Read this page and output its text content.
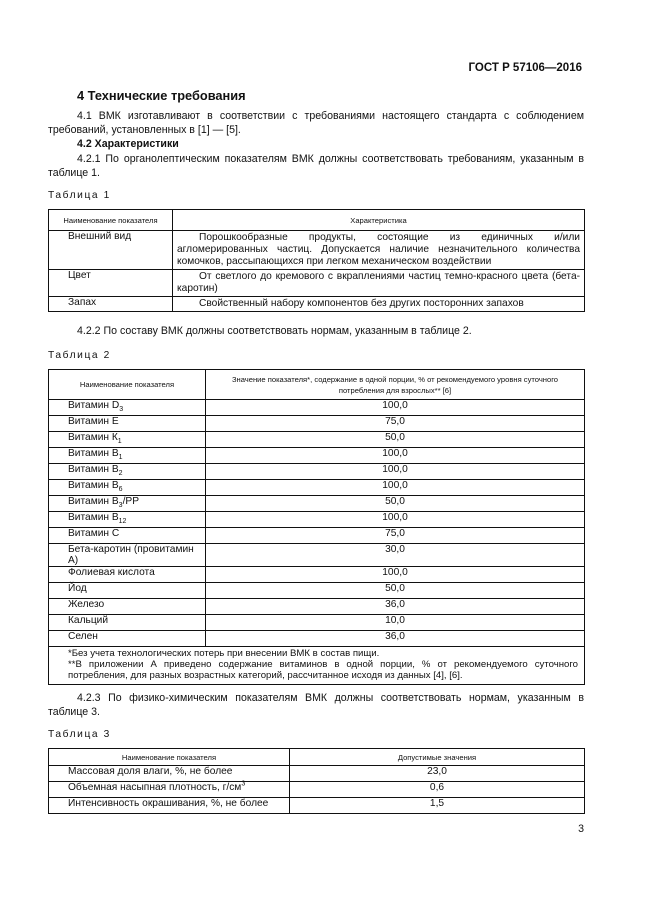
ГОСТ Р 57106—2016
4 Технические требования
4.1 ВМК изготавливают в соответствии с требованиями настоящего стандарта с соблюдением требований, установленных в [1] — [5].
4.2 Характеристики
4.2.1 По органолептическим показателям ВМК должны соответствовать требованиям, указанным в таблице 1.
Таблица 1
Наименование показателя	Характеристика
Внешний вид	Порошкообразные продукты, состоящие из единичных и/или агломерированных частиц. Допускается наличие незначительного количества комочков, рассыпающихся при легком механическом воздействии
Цвет	От светлого до кремового с вкраплениями частиц темно-красного цвета (бета-каротин)
Запах	Свойственный набору компонентов без других посторонних запахов
4.2.2 По составу ВМК должны соответствовать нормам, указанным в таблице 2.
Таблица 2
Наименование показателя	Значение показателя*, содержание в одной порции, % от рекомендуемого уровня суточного потребления для взрослых** [6]
Витамин $D_3$	100,0
Витамин Е	75,0
Витамин $К_1$	50,0
Витамин $В_1$	100,0
Витамин $В_2$	100,0
Витамин $В_6$	100,0
Витамин $В_3/РР$	50,0
Витамин $В_{12}$	100,0
Витамин С	75,0
Бета-каротин (провитамин А)	30,0
Фолиевая кислота	100,0
Йод	50,0
Железо	36,0
Кальций	10,0
Селен	36,0

*Без учета технологических потерь при внесении ВМК в состав пищи.
**В приложении А приведено содержание витаминов в одной порции, % от рекомендуемого суточного потребления, для разных возрастных категорий, рассчитанное исходя из данных [4], [6].	
4.2.3 По физико-химическим показателям ВМК должны соответствовать нормам, указанным в таблице 3.
Таблица 3
Наименование показателя	Допустимые значения
Массовая доля влаги, %, не более	23,0
Объемная насыпная плотность, $г/см^3$	0,6
Интенсивность окрашивания, %, не более	1,5
3
